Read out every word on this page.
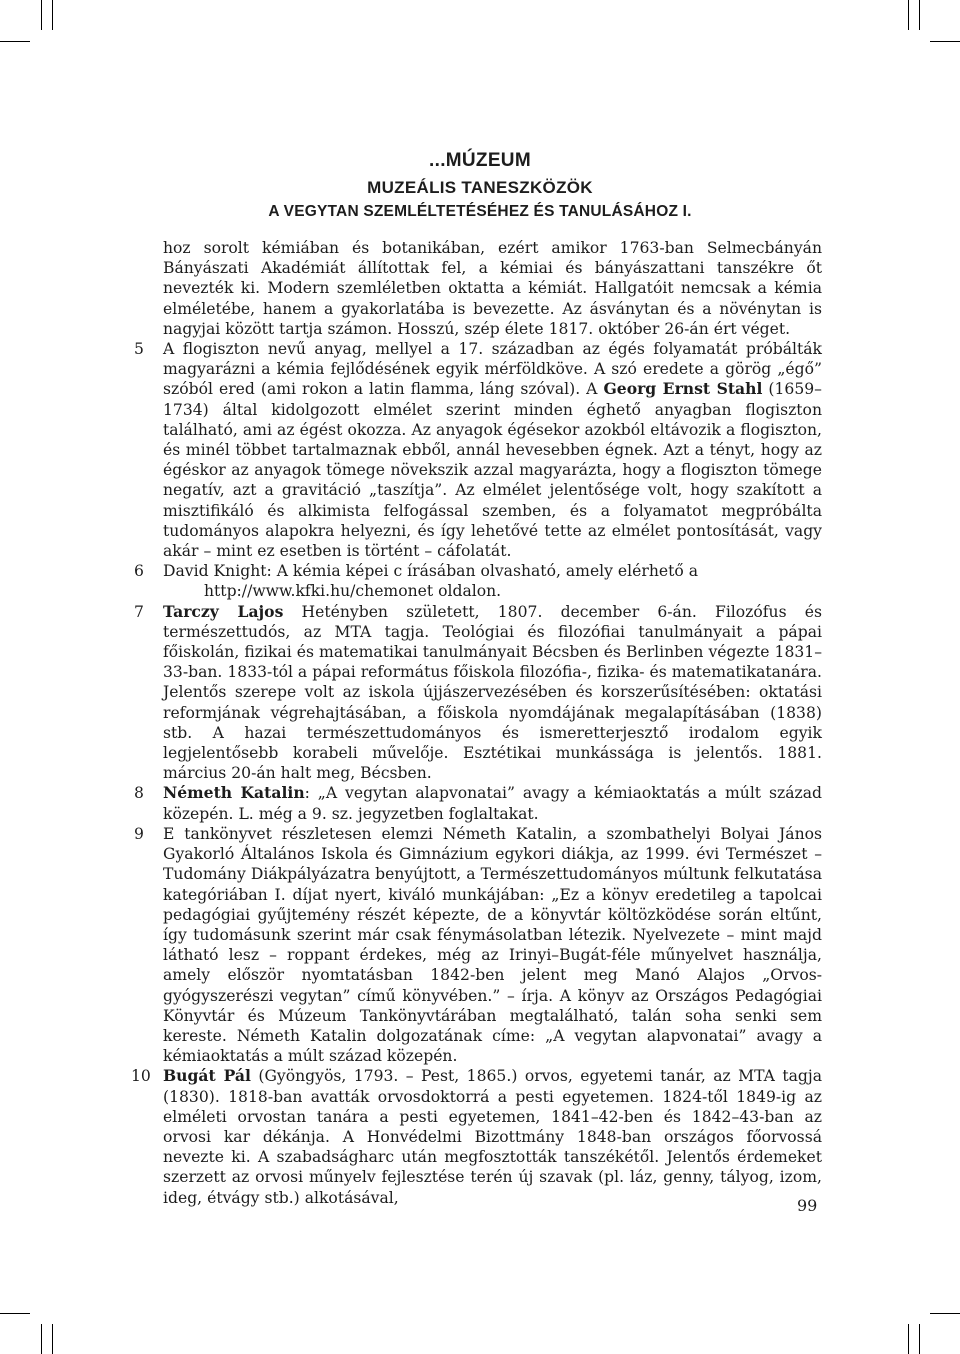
...MÚZEUM
MUZEÁLIS TANESZKÖZÖK
A VEGYTAN SZEMLÉLTETÉSÉHEZ ÉS TANULÁSÁHOZ I.

hoz sorolt kémiában és botanikában, ezért amikor 1763-ban Selmecbányán Bányászati Akadémiát állítottak fel, a kémiai és bányászattani tanszékre őt nevezték ki. Modern szemléletben oktatta a kémiát. Hallgatóit nemcsak a kémia elméletébe, hanem a gyakorlatába is bevezette. Az ásványtan és a növénytan is nagyjai között tartja számon. Hosszú, szép élete 1817. október 26-án ért véget.

5 A flogiszton nevű anyag, mellyel a 17. században az égés folyamatát próbálták magyarázni a kémia fejlődésének egyik mérföldköve. A szó eredete a görög „égő” szóból ered (ami rokon a latin flamma, láng szóval). A Georg Ernst Stahl (1659–1734) által kidolgozott elmélet szerint minden éghető anyagban flogiszton található, ami az égést okozza. Az anyagok égésekor azokból eltávozik a flogiszton, és minél többet tartalmaznak ebből, annál hevesebben égnek. Azt a tényt, hogy az égéskor az anyagok tömege növekszik azzal magyarázta, hogy a flogiszton tömege negatív, azt a gravitáció „taszítja”. Az elmélet jelentősége volt, hogy szakított a misztifikáló és alkimista felfogással szemben, és a folyamatot megpróbálta tudományos alapokra helyezni, és így lehetővé tette az elmélet pontosítását, vagy akár – mint ez esetben is történt – cáfolatát.

6 David Knight: A kémia képei c írásában olvasható, amely elérhető a
http://www.kfki.hu/chemonet oldalon.

7 Tarczy Lajos Hetényben született, 1807. december 6-án. Filozófus és természettudós, az MTA tagja. Teológiai és filozófiai tanulmányait a pápai főiskolán, fizikai és matematikai tanulmányait Bécsben és Berlinben végezte 1831–33-ban. 1833-tól a pápai református főiskola filozófia-, fizika- és matematikatanára. Jelentős szerepe volt az iskola újjászervezésében és korszerűsítésében: oktatási reformjának végrehajtásában, a főiskola nyomdájának megalapításában (1838) stb. A hazai természettudományos és ismeretterjesztő irodalom egyik legjelentősebb korabeli művelője. Esztétikai munkássága is jelentős. 1881. március 20-án halt meg, Bécsben.

8 Németh Katalin: „A vegytan alapvonatai” avagy a kémiaoktatás a múlt század közepén. L. még a 9. sz. jegyzetben foglaltakat.

9 E tankönyvet részletesen elemzi Németh Katalin, a szombathelyi Bolyai János Gyakorló Általános Iskola és Gimnázium egykori diákja, az 1999. évi Természet –Tudomány Diákpályázatra benyújtott, a Természettudományos múltunk felkutatása kategóriában I. díjat nyert, kiváló munkájában: „Ez a könyv eredetileg a tapolcai pedagógiai gyűjtemény részét képezte, de a könyvtár költözködése során eltűnt, így tudomásunk szerint már csak fénymásolatban létezik. Nyelvezete – mint majd látható lesz – roppant érdekes, még az Irinyi–Bugát-féle műnyelvet használja, amely először nyomtatásban 1842-ben jelent meg Manó Alajos „Orvos-gyógyszerészi vegytan” című könyvében.” – írja. A könyv az Országos Pedagógiai Könyvtár és Múzeum Tankönyvtárában megtalálható, talán soha senki sem kereste. Németh Katalin dolgozatának címe: „A vegytan alapvonatai” avagy a kémiaoktatás a múlt század közepén.

10 Bugát Pál (Gyöngyös, 1793. – Pest, 1865.) orvos, egyetemi tanár, az MTA tagja (1830). 1818-ban avatták orvosdoktorrá a pesti egyetemen. 1824-től 1849-ig az elméleti orvostan tanára a pesti egyetemen, 1841–42-ben és 1842–43-ban az orvosi kar dékánja. A Honvédelmi Bizottmány 1848-ban országos főorvossá nevezte ki. A szabadságharc után megfosztották tanszékétől. Jelentős érdemeket szerzett az orvosi műnyelv fejlesztése terén új szavak (pl. láz, genny, tályog, izom, ideg, étvágy stb.) alkotásával,	99
